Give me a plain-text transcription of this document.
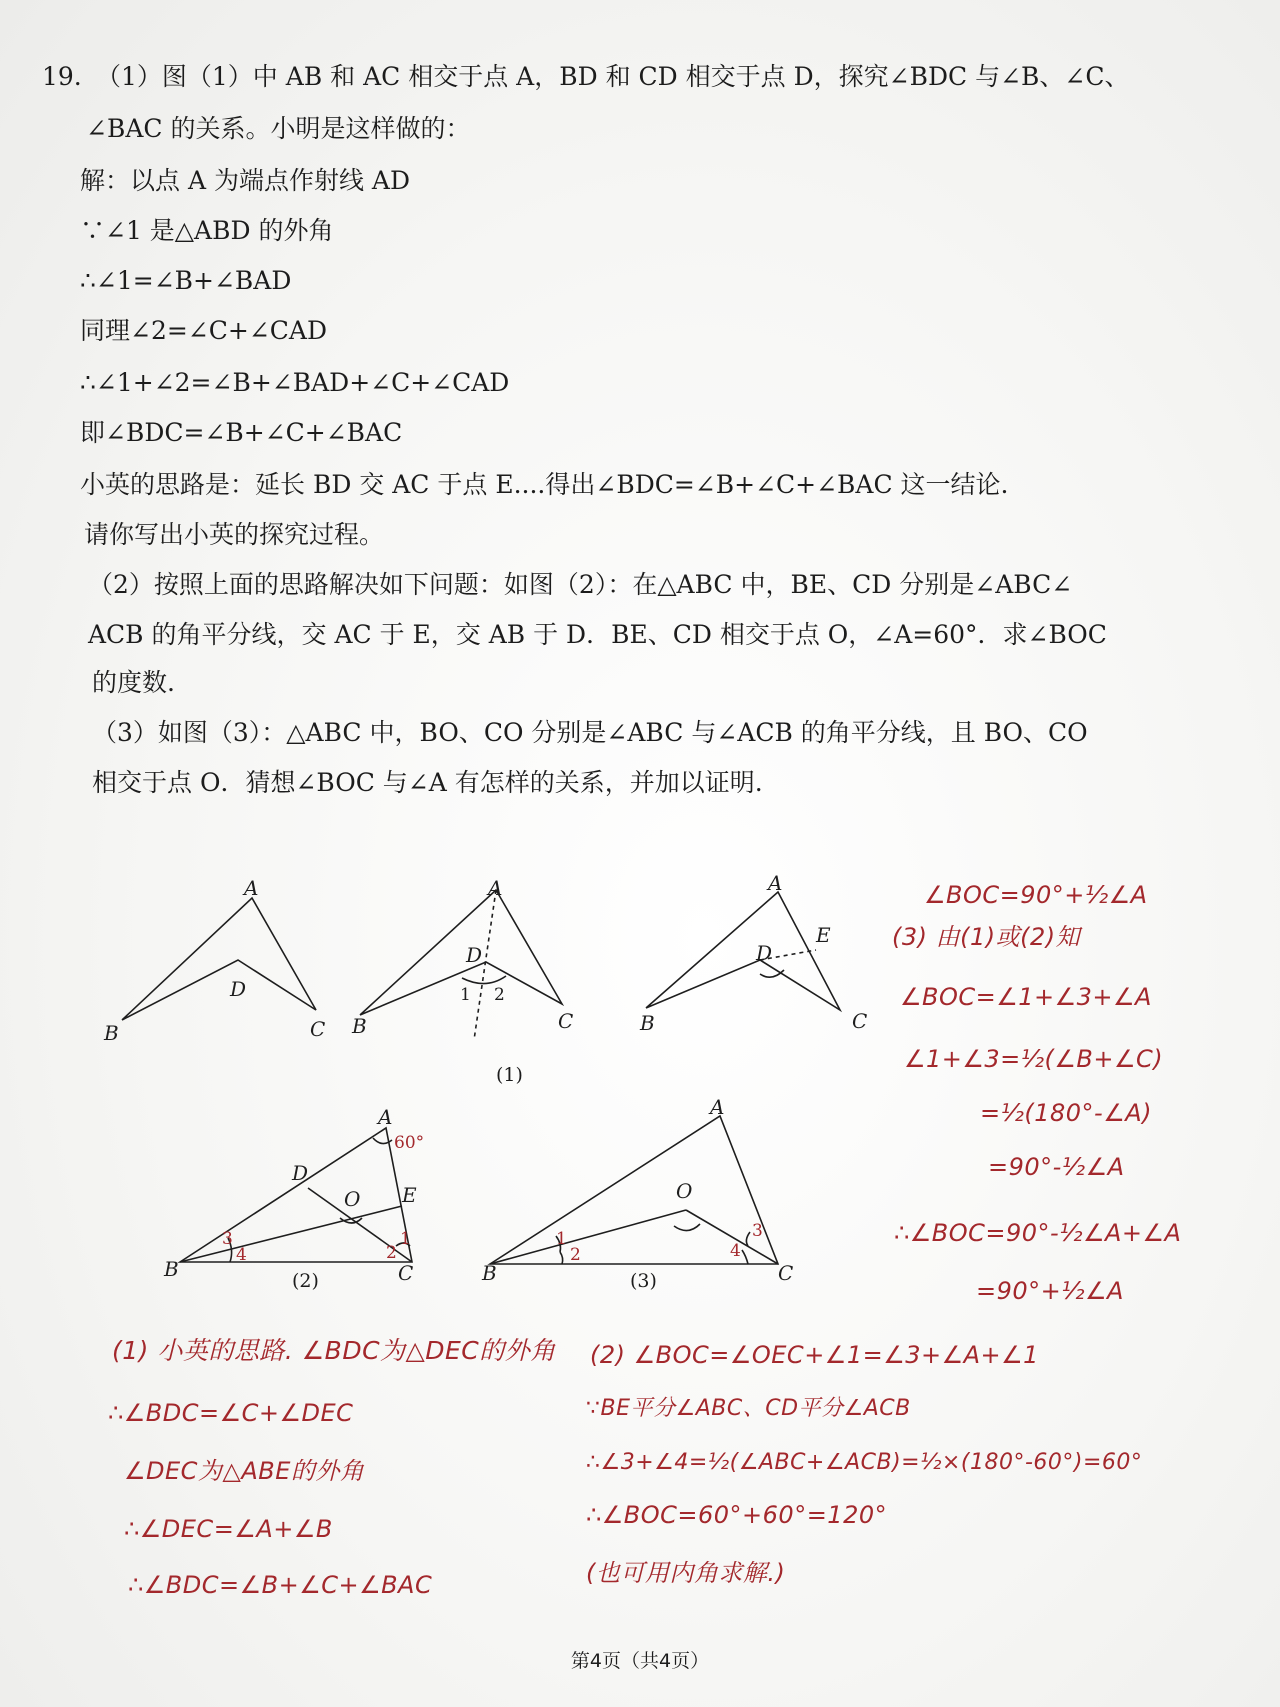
19. （1）图（1）中 AB 和 AC 相交于点 A，BD 和 CD 相交于点 D，探究∠BDC 与∠B、∠C、
∠BAC 的关系。小明是这样做的：
解：以点 A 为端点作射线 AD
∵∠1 是△ABD 的外角
∴∠1=∠B+∠BAD
同理∠2=∠C+∠CAD
∴∠1+∠2=∠B+∠BAD+∠C+∠CAD
即∠BDC=∠B+∠C+∠BAC
小英的思路是：延长 BD 交 AC 于点 E....得出∠BDC=∠B+∠C+∠BAC 这一结论.
请你写出小英的探究过程。
（2）按照上面的思路解决如下问题：如图（2）：在△ABC 中，BE、CD 分别是∠ABC∠
ACB 的角平分线，交 AC 于 E，交 AB 于 D．BE、CD 相交于点 O，∠A=60°．求∠BOC
的度数.
（3）如图（3）：△ABC 中，BO、CO 分别是∠ABC 与∠ACB 的角平分线，且 BO、CO
相交于点 O．猜想∠BOC 与∠A 有怎样的关系，并加以证明.
A
B	C
D
A
B	C
D
A
B	C
D
E
A
B	C
D
O E
A
B	C
O
1 2
60°
3
4	2
1	1
2
3
4
(1)
(2)	(3)
∠BOC=90°+½∠A
(3) 由(1)或(2)知
∠BOC=∠1+∠3+∠A
∠1+∠3=½(∠B+∠C)
=½(180°-∠A)
=90°-½∠A
∴∠BOC=90°-½∠A+∠A
=90°+½∠A
(1) 小英的思路. ∠BDC为△DEC的外角
∴∠BDC=∠C+∠DEC
∠DEC为△ABE的外角
∴∠DEC=∠A+∠B
∴∠BDC=∠B+∠C+∠BAC
(2) ∠BOC=∠OEC+∠1=∠3+∠A+∠1
∵BE平分∠ABC、CD平分∠ACB
∴∠3+∠4=½(∠ABC+∠ACB)=½×(180°-60°)=60°
∴∠BOC=60°+60°=120°
(也可用内角求解.)
第4页（共4页）
